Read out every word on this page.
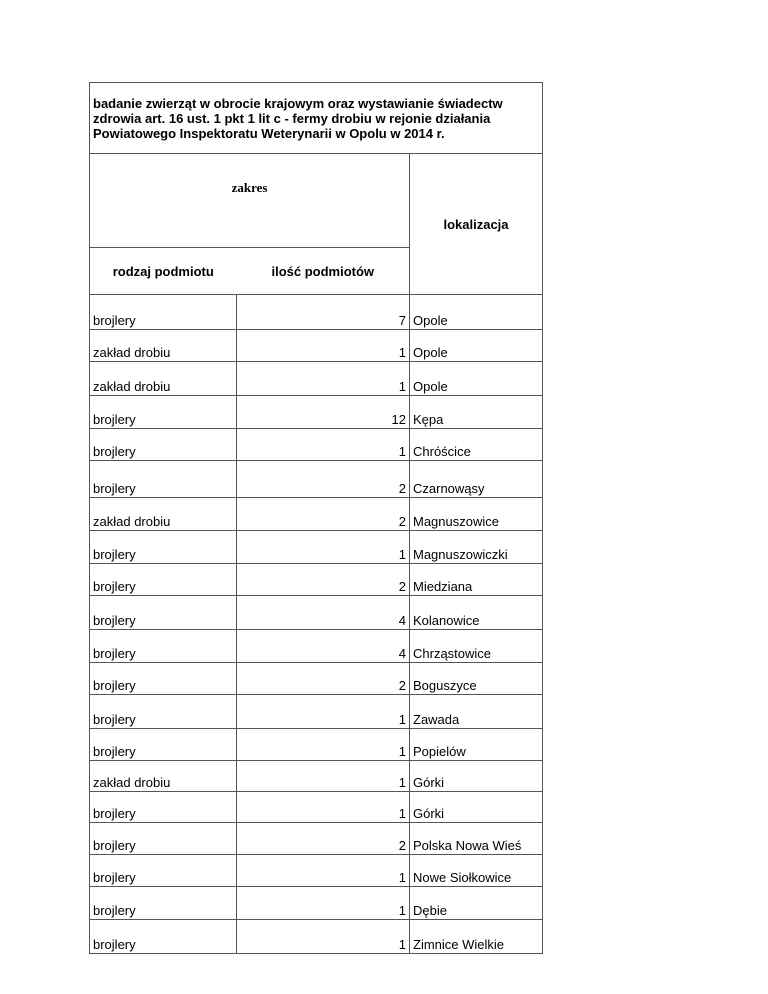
badanie zwierząt w obrocie krajowym oraz wystawianie świadectw zdrowia art. 16 ust. 1 pkt 1 lit c - fermy drobiu w rejonie działania Powiatowego Inspektoratu Weterynarii w Opolu w 2014 r.		
zakres		lokalizacja
rodzaj podmiotu	ilość podmiotów	
brojlery	7	Opole
zakład drobiu	1	Opole
zakład drobiu	1	Opole
brojlery	12	Kępa
brojlery	1	Chróścice
brojlery	2	Czarnowąsy
zakład drobiu	2	Magnuszowice
brojlery	1	Magnuszowiczki
brojlery	2	Miedziana
brojlery	4	Kolanowice
brojlery	4	Chrząstowice
brojlery	2	Boguszyce
brojlery	1	Zawada
brojlery	1	Popielów
zakład drobiu	1	Górki
brojlery	1	Górki
brojlery	2	Polska Nowa Wieś
brojlery	1	Nowe Siołkowice
brojlery	1	Dębie
brojlery	1	Zimnice Wielkie
